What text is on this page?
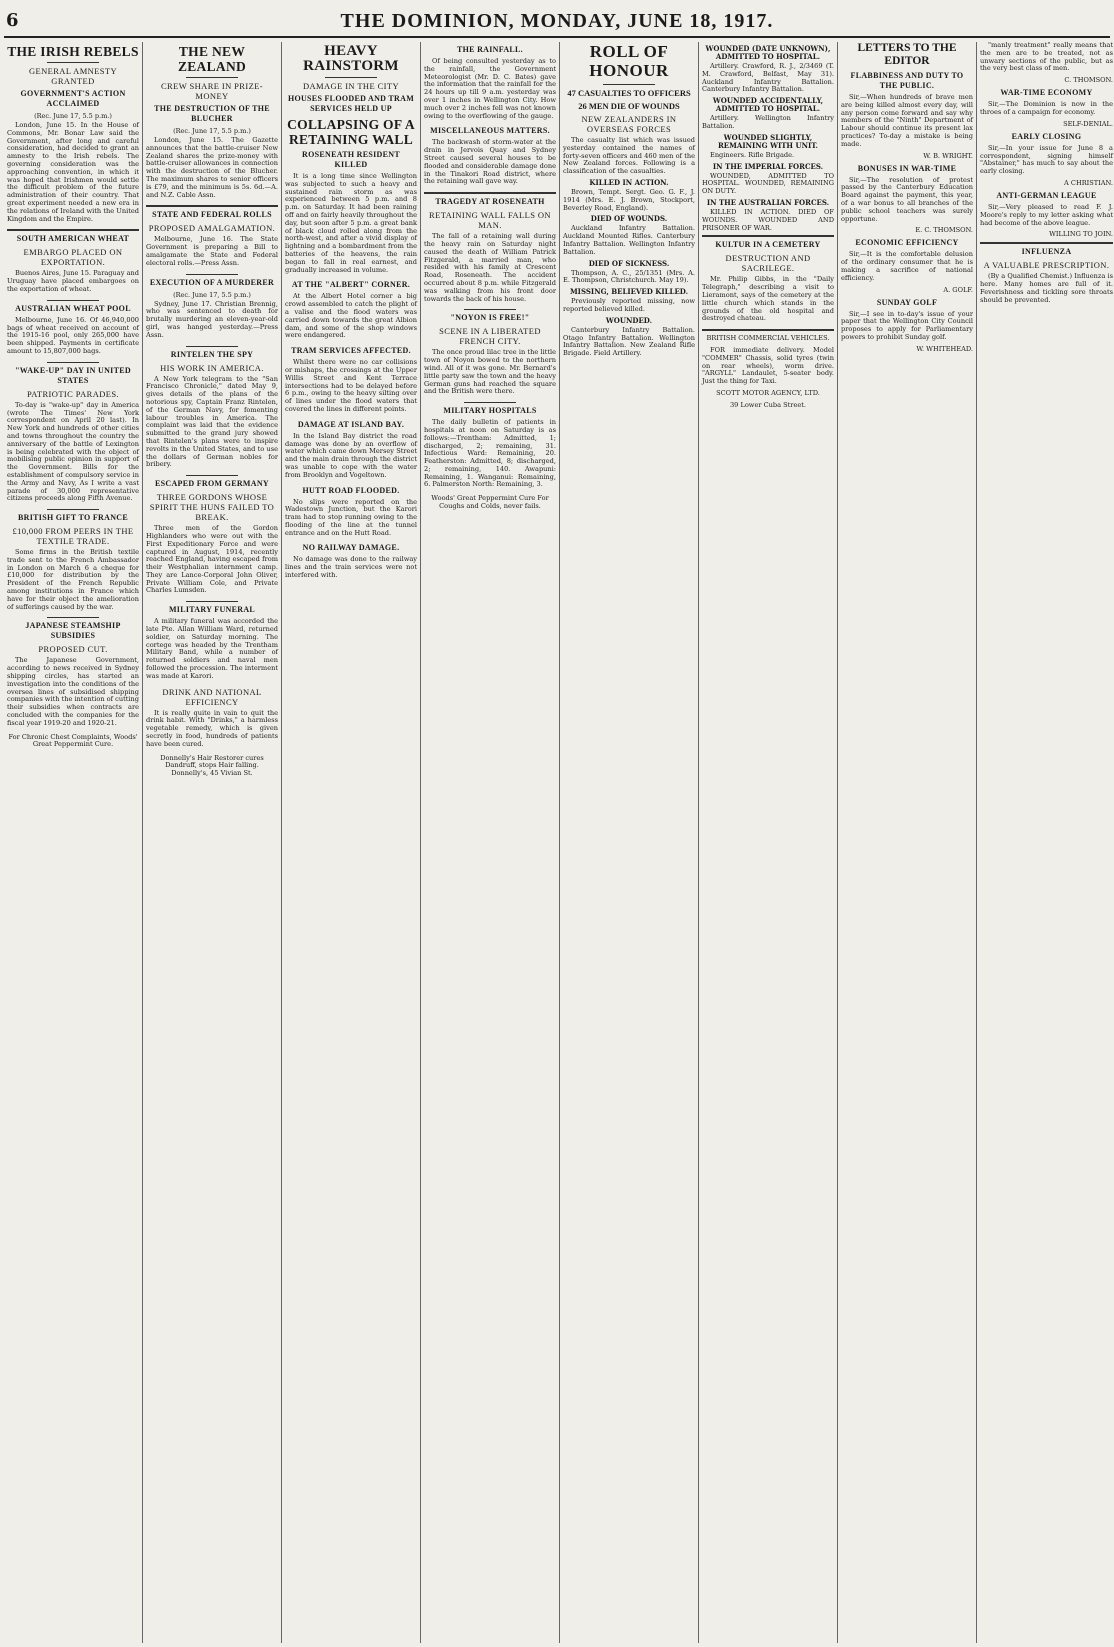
6	THE DOMINION, MONDAY, JUNE 18, 1917.
THE IRISH REBELS
GENERAL AMNESTY GRANTED
GOVERNMENT'S ACTION ACCLAIMED
(Rec. June 17, 5.5 p.m.)

London, June 15. In the House of Commons, Mr. Bonar Law said the Government, after long and careful consideration, had decided to grant an amnesty to the Irish rebels. The governing consideration was the approaching convention, in which it was hoped that Irishmen would settle the difficult problem of the future administration of their country. That great experiment needed a new era in the relations of Ireland with the United Kingdom and the Empire.

SOUTH AMERICAN WHEAT
EMBARGO PLACED ON EXPORTATION.

Buenos Aires, June 15. Paraguay and Uruguay have placed embargoes on the exportation of wheat.

AUSTRALIAN WHEAT POOL

Melbourne, June 16. Of 46,940,000 bags of wheat received on account of the 1915-16 pool, only 265,000 have been shipped. Payments in certificate amount to 15,807,000 bags.

"WAKE-UP" DAY IN UNITED STATES
PATRIOTIC PARADES.

To-day is "wake-up" day in America (wrote The Times' New York correspondent on April 20 last). In New York and hundreds of other cities and towns throughout the country the anniversary of the battle of Lexington is being celebrated with the object of mobilising public opinion in support of the Government. Bills for the establishment of compulsory service in the Army and Navy, As I write a vast parade of 30,000 representative citizens proceeds along Fifth Avenue.

BRITISH GIFT TO FRANCE
£10,000 FROM PEERS IN THE TEXTILE TRADE.

Some firms in the British textile trade sent to the French Ambassador in London on March 6 a cheque for £10,000 for distribution by the President of the French Republic among institutions in France which have for their object the amelioration of sufferings caused by the war.

JAPANESE STEAMSHIP SUBSIDIES
PROPOSED CUT.

The Japanese Government, according to news received in Sydney shipping circles, has started an investigation into the conditions of the oversea lines of subsidised shipping companies with the intention of cutting their subsidies when contracts are concluded with the companies for the fiscal year 1919-20 and 1920-21.

For Chronic Chest Complaints, Woods' Great Peppermint Cure.
THE NEW ZEALAND
CREW SHARE IN PRIZE-MONEY
THE DESTRUCTION OF THE BLUCHER
(Rec. June 17, 5.5 p.m.)

London, June 15. The Gazette announces that the battle-cruiser New Zealand shares the prize-money with battle-cruiser allowances in connection with the destruction of the Blucher. The maximum shares to senior officers is £79, and the minimum is 5s. 6d.—A. and N.Z. Cable Assn.

STATE AND FEDERAL ROLLS
PROPOSED AMALGAMATION.

Melbourne, June 16. The State Government is preparing a Bill to amalgamate the State and Federal electoral rolls.—Press Assn.

EXECUTION OF A MURDERER
(Rec. June 17, 5.5 p.m.)

Sydney, June 17. Christian Brennig, who was sentenced to death for brutally murdering an eleven-year-old girl, was hanged yesterday.—Press Assn.

RINTELEN THE SPY
HIS WORK IN AMERICA.

A New York telegram to the "San Francisco Chronicle," dated May 9, gives details of the plans of the notorious spy, Captain Franz Rintelen, of the German Navy, for fomenting labour troubles in America. The complaint was laid that the evidence submitted to the grand jury showed that Rintelen's plans were to inspire revolts in the United States, and to use the dollars of German nobles for bribery.

ESCAPED FROM GERMANY
THREE GORDONS WHOSE SPIRIT THE HUNS FAILED TO BREAK.

Three men of the Gordon Highlanders who were out with the First Expeditionary Force and were captured in August, 1914, recently reached England, having escaped from their Westphalian internment camp. They are Lance-Corporal John Oliver, Private William Cole, and Private Charles Lumsden.

MILITARY FUNERAL

A military funeral was accorded the late Pte. Allan William Ward, returned soldier, on Saturday morning. The cortege was headed by the Trentham Military Band, while a number of returned soldiers and naval men followed the procession. The interment was made at Karori.

DRINK AND NATIONAL EFFICIENCY

It is really quite in vain to quit the drink habit. With "Drinks," a harmless vegetable remedy, which is given secretly in food, hundreds of patients have been cured.

Donnelly's Hair Restorer cures Dandruff, stops Hair falling. Donnelly's, 45 Vivian St.
HEAVY RAINSTORM
DAMAGE IN THE CITY
HOUSES FLOODED AND TRAM SERVICES HELD UP
COLLAPSING OF A RETAINING WALL
ROSENEATH RESIDENT KILLED

It is a long time since Wellington was subjected to such a heavy and sustained rain storm as was experienced between 5 p.m. and 8 p.m. on Saturday. It had been raining off and on fairly heavily throughout the day, but soon after 5 p.m. a great bank of black cloud rolled along from the north-west, and after a vivid display of lightning and a bombardment from the batteries of the heavens, the rain began to fall in real earnest, and gradually increased in volume.

AT THE "ALBERT" CORNER.

At the Albert Hotel corner a big crowd assembled to catch the plight of a valise and the flood waters was carried down towards the great Albion dam, and some of the shop windows were endangered.

TRAM SERVICES AFFECTED.

Whilst there were no car collisions or mishaps, the crossings at the Upper Willis Street and Kent Terrace intersections had to be delayed before 6 p.m., owing to the heavy silting over of lines under the flood waters that covered the lines in different points.

DAMAGE AT ISLAND BAY.

In the Island Bay district the road damage was done by an overflow of water which came down Mersey Street and the main drain through the district was unable to cope with the water from Brooklyn and Vogeltown.

HUTT ROAD FLOODED.

No slips were reported on the Wadestown Junction, but the Karori tram had to stop running owing to the flooding of the line at the tunnel entrance and on the Hutt Road.

NO RAILWAY DAMAGE.

No damage was done to the railway lines and the train services were not interfered with.

THE RAINFALL.

Of being consulted yesterday as to the rainfall, the Government Meteorologist (Mr. D. C. Bates) gave the information that the rainfall for the 24 hours up till 9 a.m. yesterday was over 1 inches in Wellington City. How much over 2 inches fell was not known owing to the overflowing of the gauge.

MISCELLANEOUS MATTERS.

The backwash of storm-water at the drain in Jervois Quay and Sydney Street caused several houses to be flooded and considerable damage done in the Tinakori Road district, where the retaining wall gave way.

TRAGEDY AT ROSENEATH
RETAINING WALL FALLS ON MAN.

The fall of a retaining wall during the heavy rain on Saturday night caused the death of William Patrick Fitzgerald, a married man, who resided with his family at Crescent Road, Roseneath. The accident occurred about 8 p.m. while Fitzgerald was walking from his front door towards the back of his house.

"NOYON IS FREE!"
SCENE IN A LIBERATED FRENCH CITY.

The once proud lilac tree in the little town of Noyon bowed to the northern wind. All of it was gone. Mr. Bernard's little party saw the town and the heavy German guns had reached the square and the British were there.

MILITARY HOSPITALS

The daily bulletin of patients in hospitals at noon on Saturday is as follows:—Trentham: Admitted, 1; discharged, 2; remaining, 31. Infectious Ward: Remaining, 20. Featherston: Admitted, 8; discharged, 2; remaining, 140. Awapuni: Remaining, 1. Wanganui: Remaining, 6. Palmerston North: Remaining, 3.

Woods' Great Peppermint Cure For Coughs and Colds, never fails.
ROLL OF HONOUR
47 CASUALTIES TO OFFICERS
26 MEN DIE OF WOUNDS
NEW ZEALANDERS IN OVERSEAS FORCES

The casualty list which was issued yesterday contained the names of forty-seven officers and 460 men of the New Zealand forces. Following is a classification of the casualties.

KILLED IN ACTION.

Brown, Tempt. Sergt. Geo. G. F., J. 1914 (Mrs. E. J. Brown, Stockport, Beverley Road, England).

DIED OF WOUNDS.

Auckland Infantry Battalion. Auckland Mounted Rifles. Canterbury Infantry Battalion. Wellington Infantry Battalion.

DIED OF SICKNESS.

Thompson, A. C., 25/1351 (Mrs. A. E. Thompson, Christchurch. May 19).

MISSING, BELIEVED KILLED.

Previously reported missing, now reported believed killed.

WOUNDED.

Canterbury Infantry Battalion. Otago Infantry Battalion. Wellington Infantry Battalion. New Zealand Rifle Brigade. Field Artillery.

WOUNDED (DATE UNKNOWN), ADMITTED TO HOSPITAL.

Artillery. Crawford, R. J., 2/3469 (T. M. Crawford, Belfast, May 31). Auckland Infantry Battalion. Canterbury Infantry Battalion.

WOUNDED ACCIDENTALLY, ADMITTED TO HOSPITAL.

Artillery. Wellington Infantry Battalion.

WOUNDED SLIGHTLY, REMAINING WITH UNIT.

Engineers. Rifle Brigade.

IN THE IMPERIAL FORCES.

WOUNDED, ADMITTED TO HOSPITAL. WOUNDED, REMAINING ON DUTY.

IN THE AUSTRALIAN FORCES.

KILLED IN ACTION. DIED OF WOUNDS. WOUNDED AND PRISONER OF WAR.

KULTUR IN A CEMETERY
DESTRUCTION AND SACRILEGE.

Mr. Philip Gibbs, in the "Daily Telegraph," describing a visit to Lieramont, says of the cemetery at the little church which stands in the grounds of the old hospital and destroyed chateau.

BRITISH COMMERCIAL VEHICLES.

FOR immediate delivery. Model "COMMER" Chassis, solid tyres (twin on rear wheels), worm drive. "ARGYLL" Landaulet, 5-seater body. Just the thing for Taxi.

SCOTT MOTOR AGENCY, LTD.
39 Lower Cuba Street.
LETTERS TO THE EDITOR
FLABBINESS AND DUTY TO THE PUBLIC.

Sir,—When hundreds of brave men are being killed almost every day, will any person come forward and say why members of the "Ninth" Department of Labour should continue its present lax practices? To-day a mistake is being made.

W. B. WRIGHT.
BONUSES IN WAR-TIME

Sir,—The resolution of protest passed by the Canterbury Education Board against the payment, this year, of a war bonus to all branches of the public school teachers was surely opportune.

E. C. THOMSON.
ECONOMIC EFFICIENCY

Sir,—It is the comfortable delusion of the ordinary consumer that he is making a sacrifice of national efficiency.

A. GOLF.
SUNDAY GOLF

Sir,—I see in to-day's issue of your paper that the Wellington City Council proposes to apply for Parliamentary powers to prohibit Sunday golf.

W. WHITEHEAD.

"manly treatment" really means that the men are to be treated, not as unwary sections of the public, but as the very best class of men.

C. THOMSON.
WAR-TIME ECONOMY

Sir,—The Dominion is now in the throes of a campaign for economy.

SELF-DENIAL.
EARLY CLOSING

Sir,—In your issue for June 8 a correspondent, signing himself "Abstainer," has much to say about the early closing.

A CHRISTIAN.
ANTI-GERMAN LEAGUE

Sir,—Very pleased to read F. J. Moore's reply to my letter asking what had become of the above league.

WILLING TO JOIN.
INFLUENZA
A VALUABLE PRESCRIPTION.

(By a Qualified Chemist.) Influenza is here. Many homes are full of it. Feverishness and tickling sore throats should be prevented.
